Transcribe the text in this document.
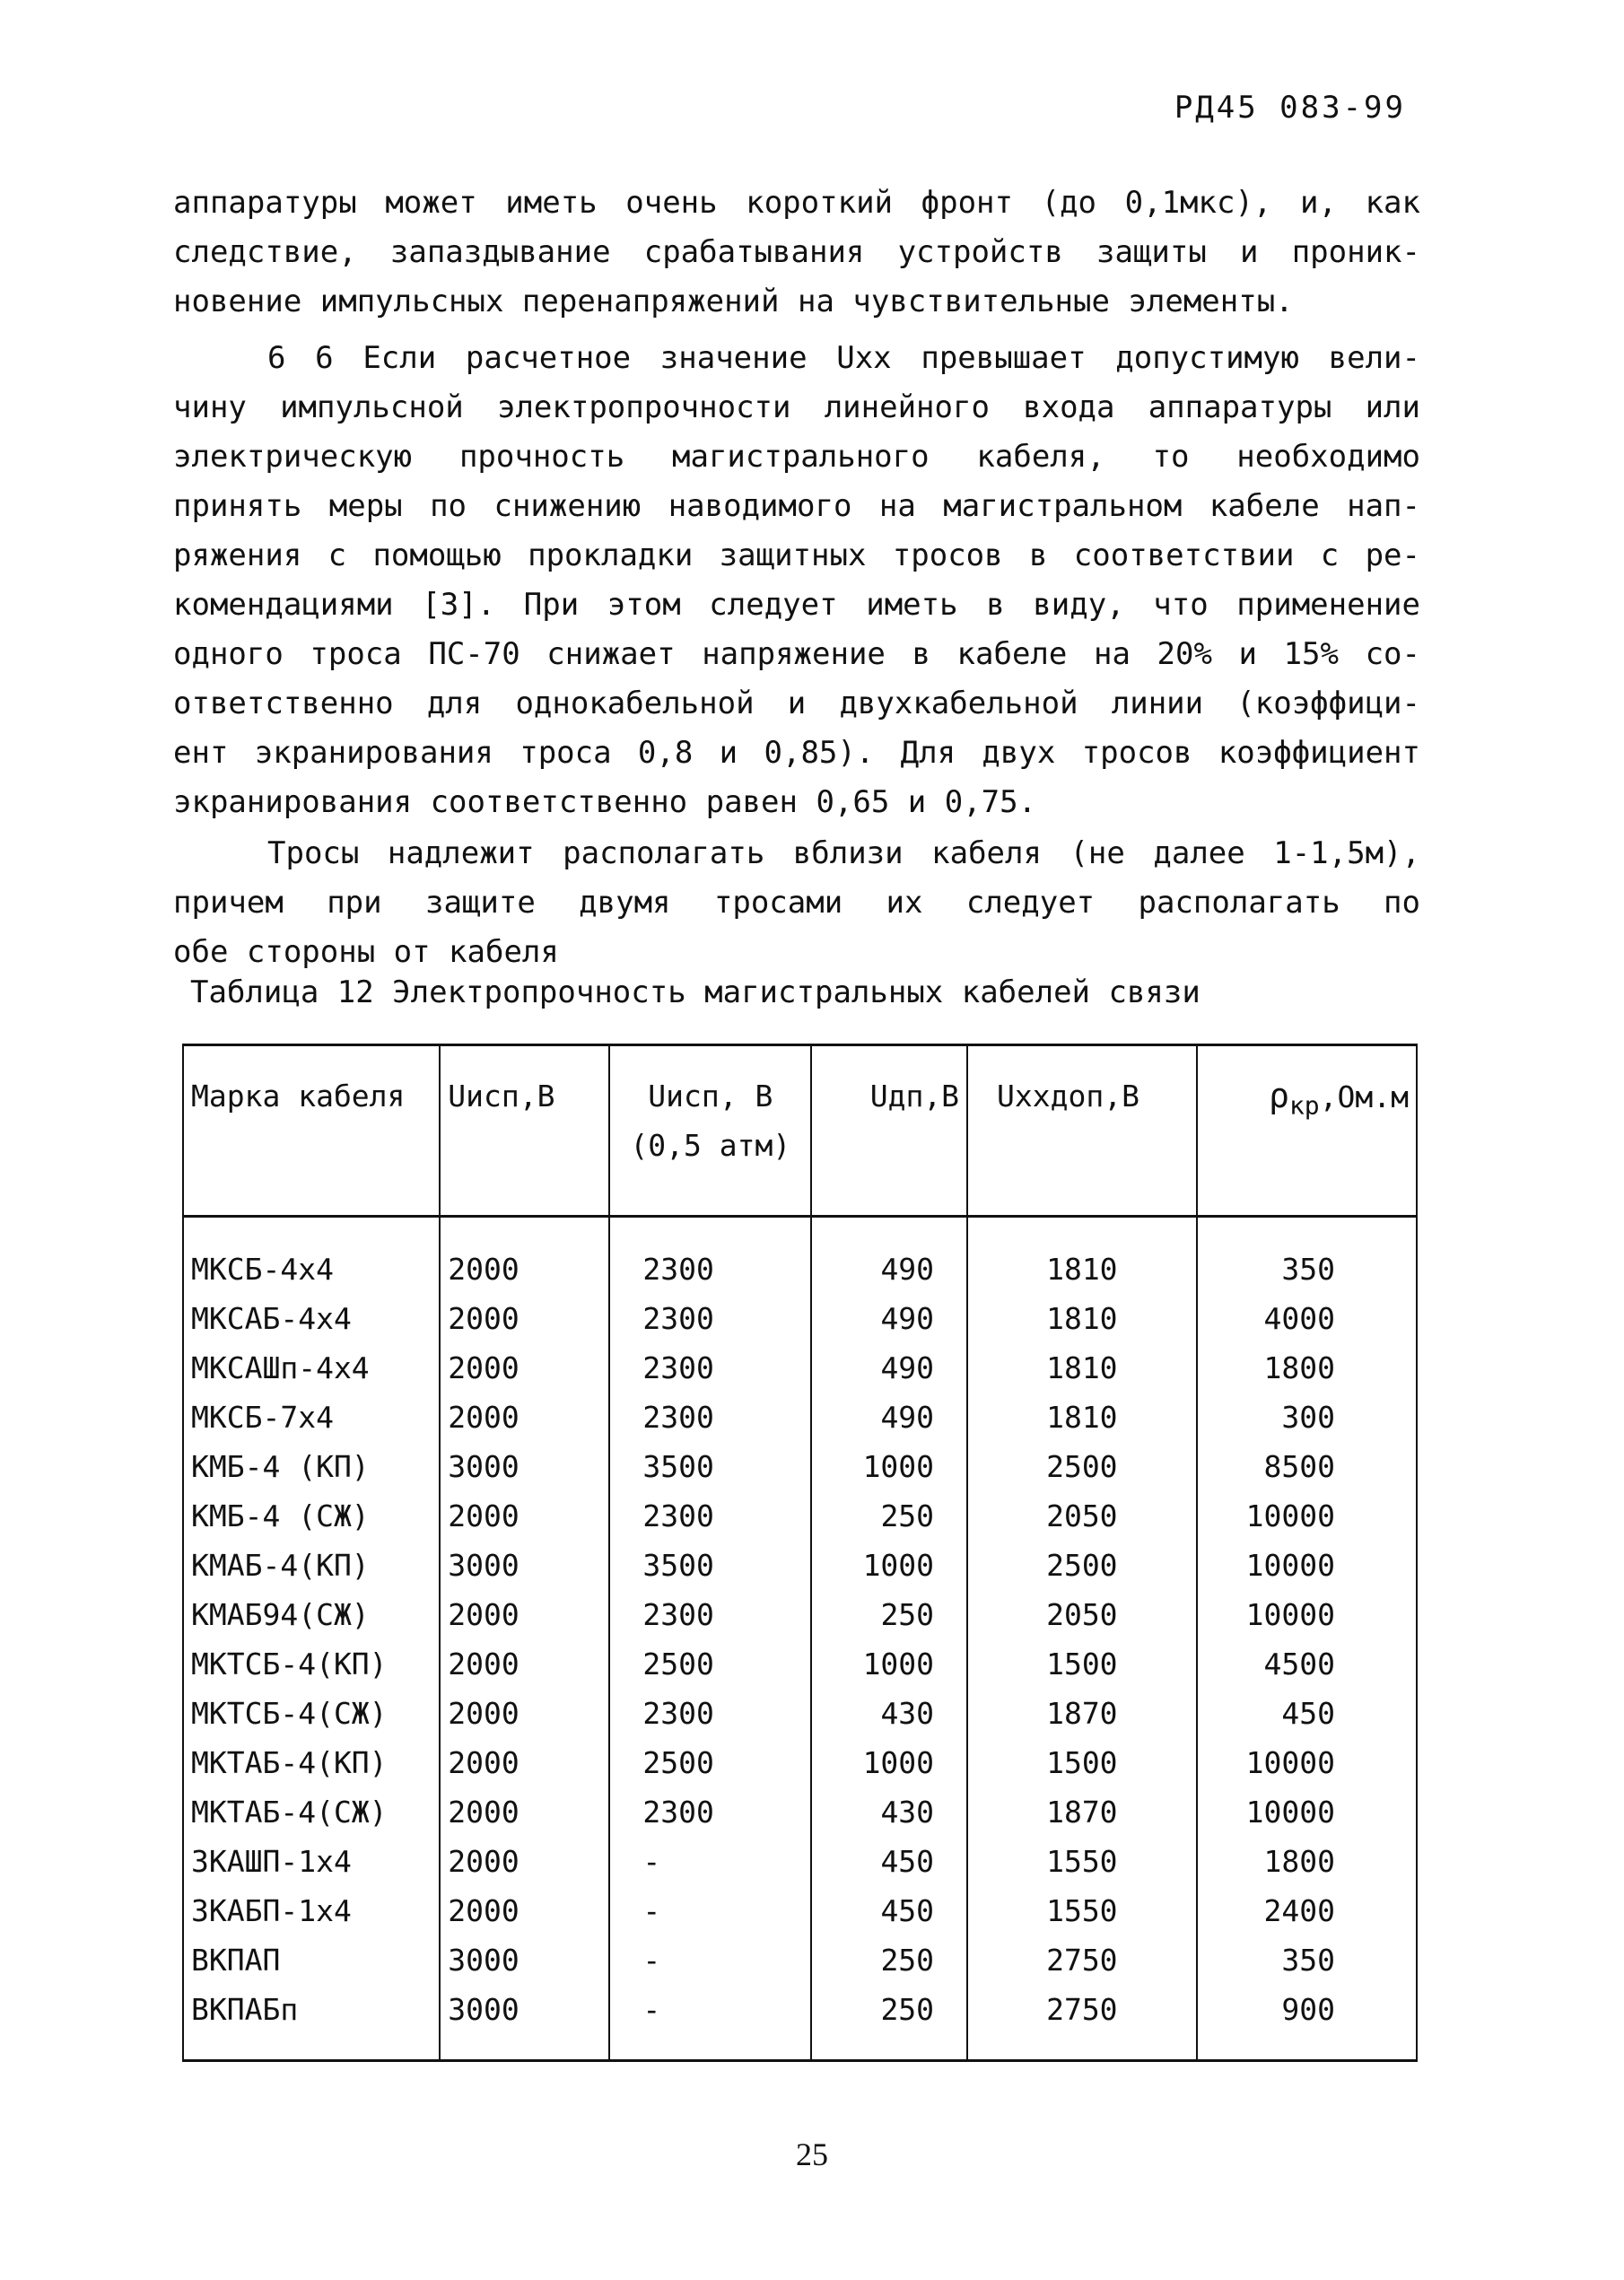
РД45 083-99
аппаратуры может иметь очень короткий фронт (до 0,1мкс), и, как
следствие, запаздывание срабатывания устройств защиты и проник-
новение импульсных перенапряжений на чувствительные элементы.
6 6 Если расчетное значение Uxx превышает допустимую вели-
чину импульсной электропрочности линейного входа аппаратуры или
электрическую прочность магистрального кабеля, то необходимо
принять меры по снижению наводимого на магистральном кабеле нап-
ряжения с помощью прокладки защитных тросов в соответствии с ре-
комендациями [3]. При этом следует иметь в виду, что применение
одного троса ПС-70 снижает напряжение в кабеле на 20% и 15% со-
ответственно для однокабельной и двухкабельной линии (коэффици-
ент экранирования троса 0,8 и 0,85). Для двух тросов коэффициент
экранирования соответственно равен 0,65 и 0,75.
Тросы надлежит располагать вблизи кабеля (не далее 1-1,5м),
причем при защите двумя тросами их следует располагать по
обе стороны от кабеля
Таблица 12 Электропрочность магистральных кабелей связи
Марка кабеля	Uисп,В	Uисп, В
(0,5 атм)	Uдп,В	Uххдоп,В	$\rho_{кр},Ом.м$
МКСБ-4х4	2000	2300	490	1810	350
МКСАБ-4х4	2000	2300	490	1810	4000
МКСАШп-4х4	2000	2300	490	1810	1800
МКСБ-7х4	2000	2300	490	1810	300
КМБ-4 (КП)	3000	3500	1000	2500	8500
КМБ-4 (СЖ)	2000	2300	250	2050	10000
КМАБ-4(КП)	3000	3500	1000	2500	10000
КМАБ94(СЖ)	2000	2300	250	2050	10000
МКТСБ-4(КП)	2000	2500	1000	1500	4500
МКТСБ-4(СЖ)	2000	2300	430	1870	450
МКТАБ-4(КП)	2000	2500	1000	1500	10000
МКТАБ-4(СЖ)	2000	2300	430	1870	10000
ЗКАШП-1х4	2000	-	450	1550	1800
ЗКАБП-1х4	2000	-	450	1550	2400
ВКПАП	3000	-	250	2750	350
ВКПАБп	3000	-	250	2750	900
25
